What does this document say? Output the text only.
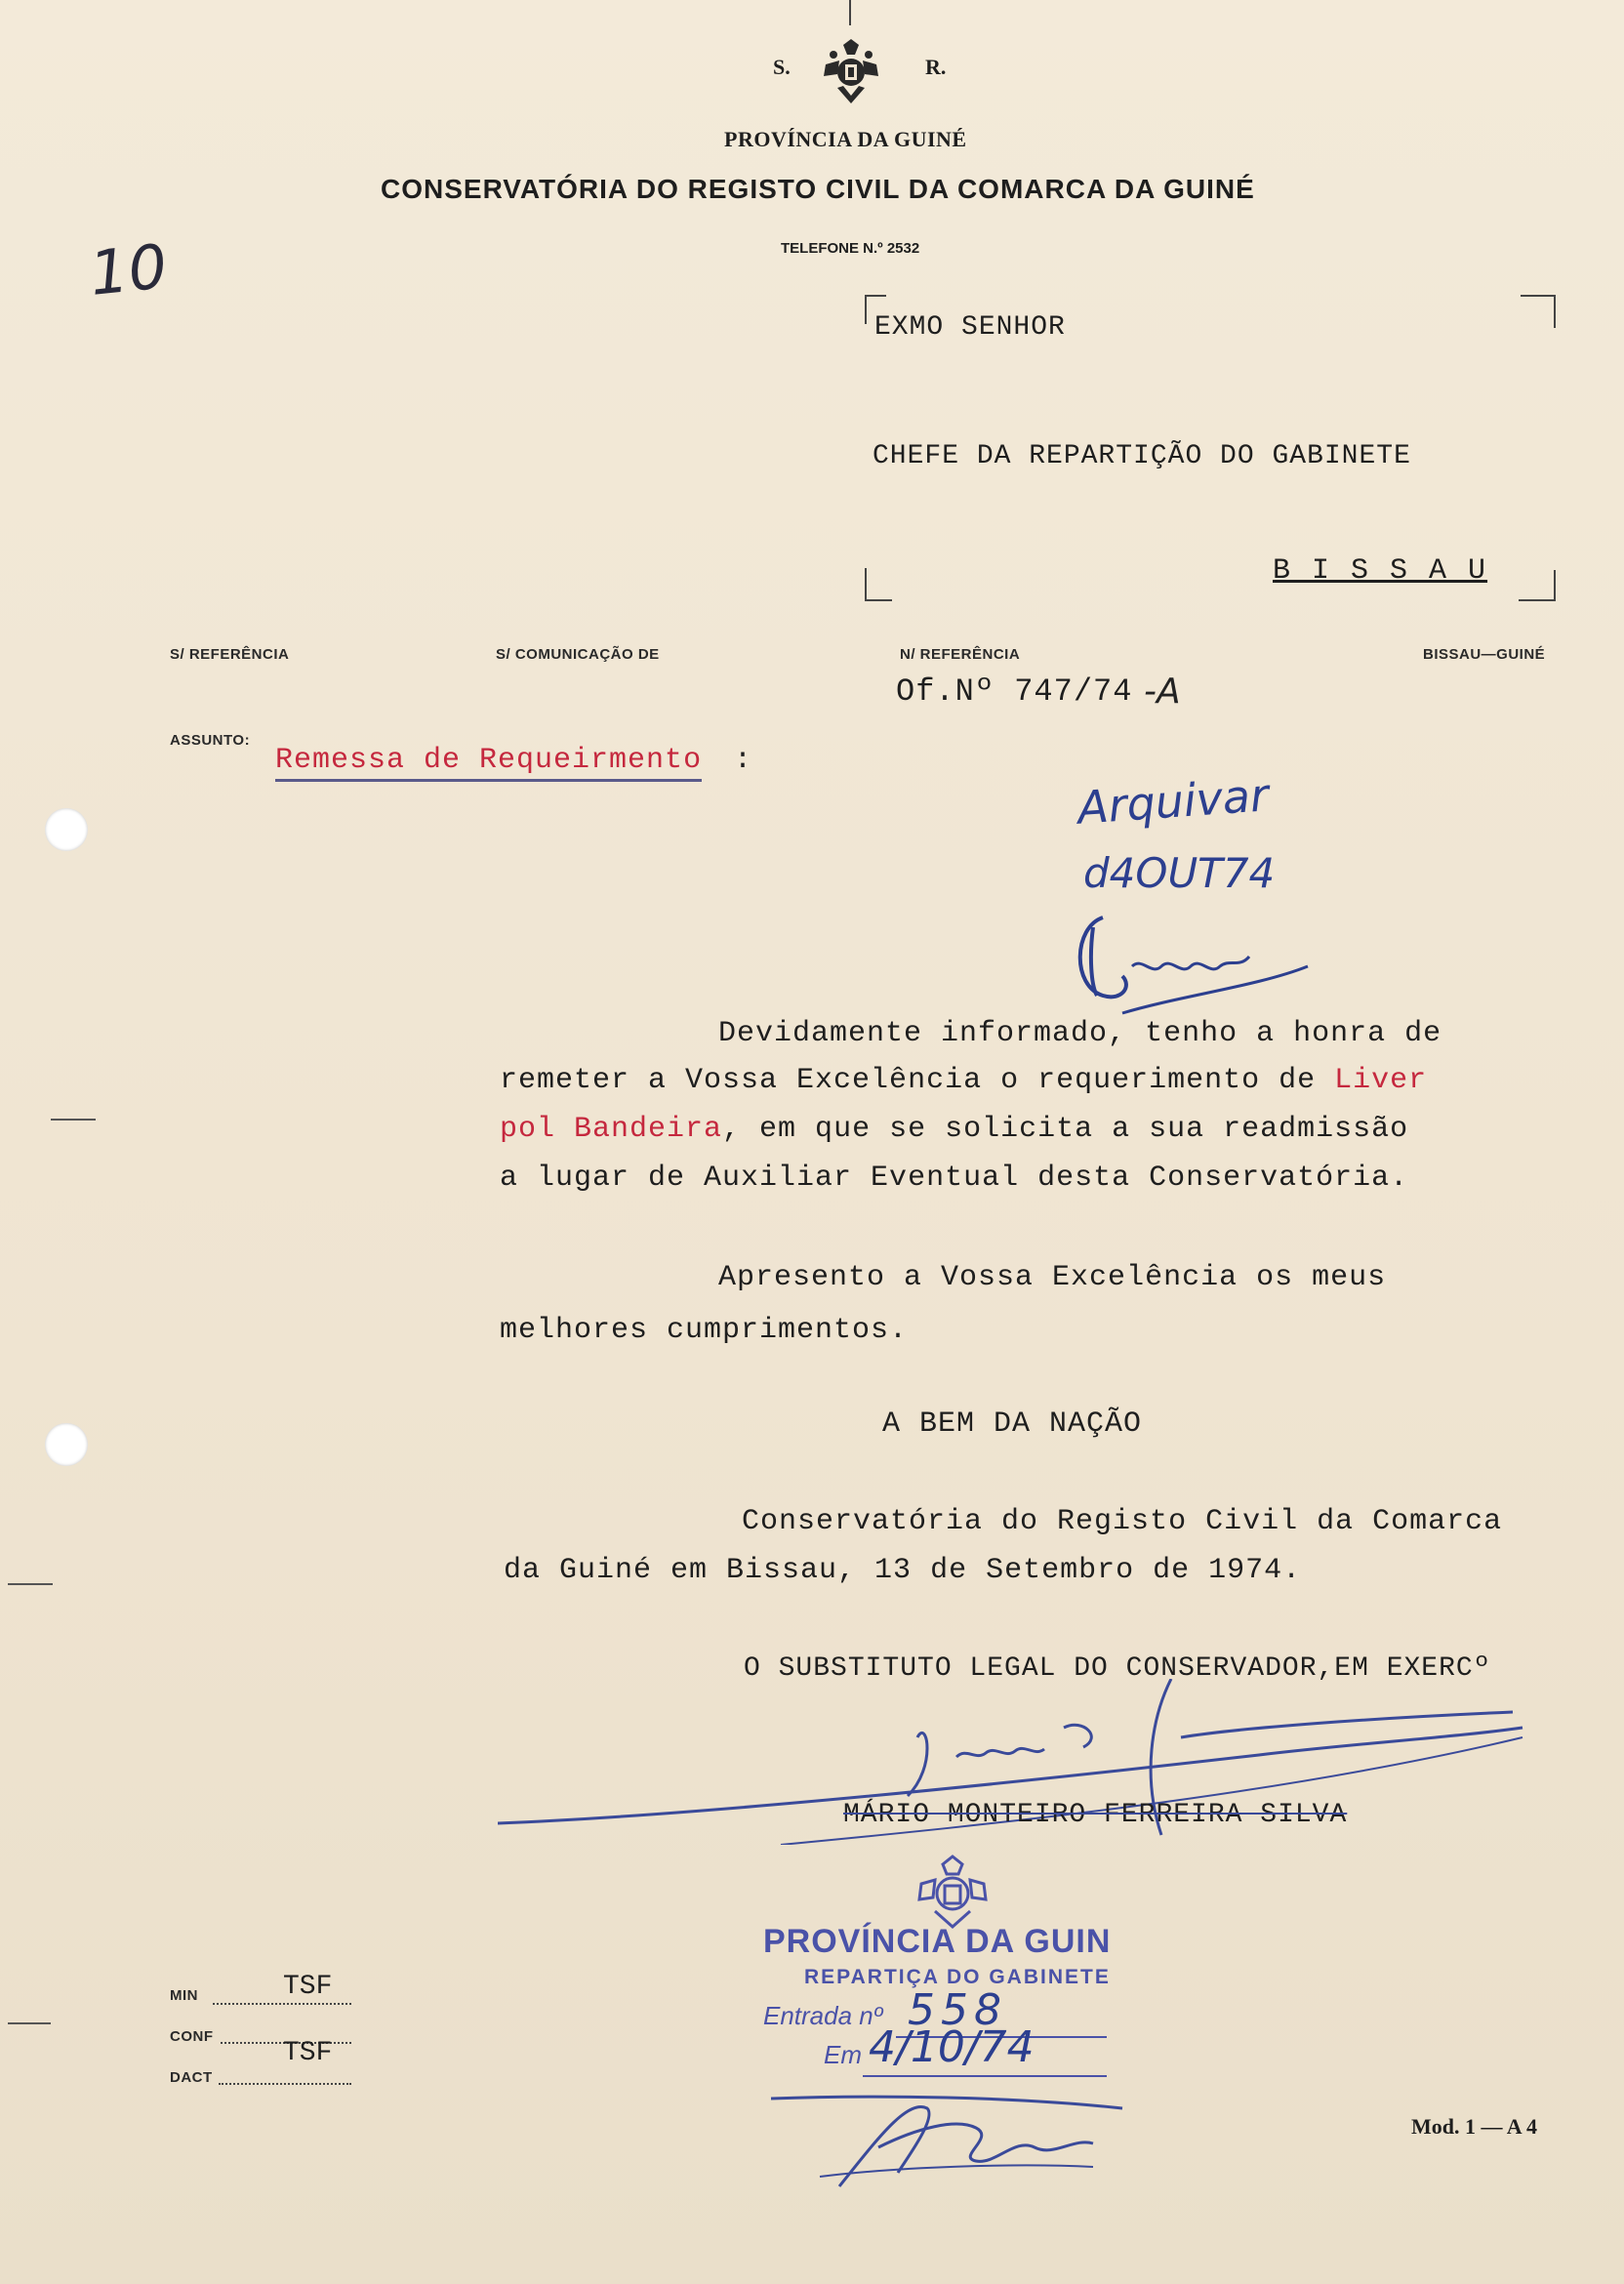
S.	R.
PROVÍNCIA DA GUINÉ
CONSERVATÓRIA DO REGISTO CIVIL DA COMARCA DA GUINÉ
TELEFONE N.º 2532
10
EXMO SENHOR
CHEFE DA REPARTIÇÃO DO GABINETE
B I S S A U
S/ REFERÊNCIA	S/ COMUNICAÇÃO DE	N/ REFERÊNCIA	BISSAU—GUINÉ
Of.Nº 747/74 -A
ASSUNTO:
Remessa de Requeirmento :
Arquivar
d4OUT74
Devidamente informado, tenho a honra de
remeter a Vossa Excelência o requerimento de Liver
pol Bandeira, em que se solicita a sua readmissão
a lugar de Auxiliar Eventual desta Conservatória.
Apresento a Vossa Excelência os meus
melhores cumprimentos.
A BEM DA NAÇÃO
Conservatória do Registo Civil da Comarca
da Guiné em Bissau, 13 de Setembro de 1974.
O SUBSTITUTO LEGAL DO CONSERVADOR,EM EXERCº
MÁRIO MONTEIRO FERREIRA SILVA
PROVÍNCIA DA GUIN
REPARTIÇA DO GABINETE
Entrada nº 558
Em 4/10/74
MIN	TSF
CONF
TSF
DACT
Mod. 1 — A 4
